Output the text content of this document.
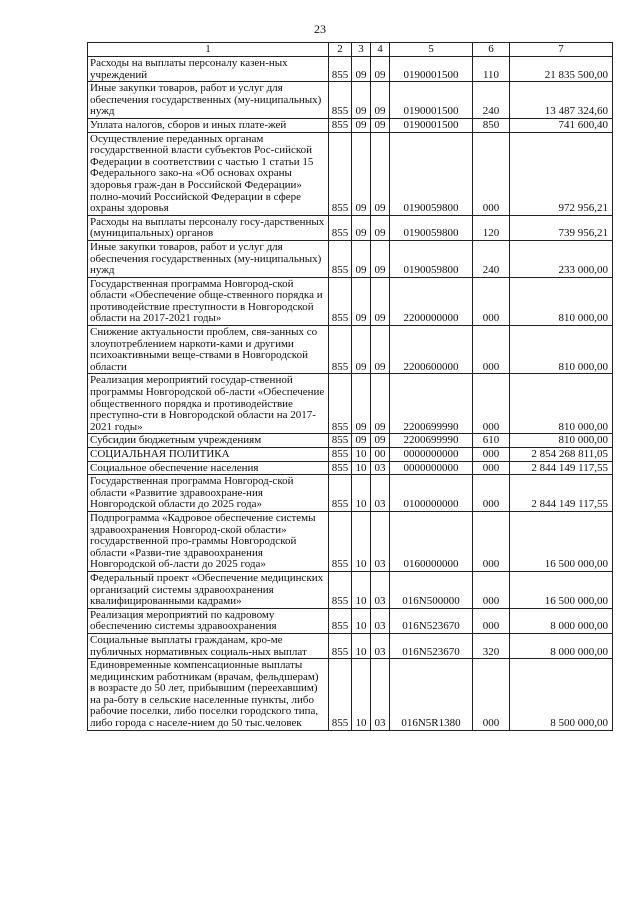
23
1	2	3	4	5	6	7
Расходы на выплаты персоналу казен-ных учреждений	855	09	09	0190001500	110	21 835 500,00
Иные закупки товаров, работ и услуг для обеспечения государственных (му-ниципальных) нужд	855	09	09	0190001500	240	13 487 324,60
Уплата налогов, сборов и иных плате-жей	855	09	09	0190001500	850	741 600,40
Осуществление переданных органам государственной власти субъектов Рос-сийской Федерации в соответствии с частью 1 статьи 15 Федерального зако-на «Об основах охраны здоровья граж-дан в Российской Федерации» полно-мочий Российской Федерации в сфере охраны здоровья	855	09	09	0190059800	000	972 956,21
Расходы на выплаты персоналу госу-дарственных (муниципальных) органов	855	09	09	0190059800	120	739 956,21
Иные закупки товаров, работ и услуг для обеспечения государственных (му-ниципальных) нужд	855	09	09	0190059800	240	233 000,00
Государственная программа Новгород-ской области «Обеспечение обще-ственного порядка и противодействие преступности в Новгородской области на 2017-2021 годы»	855	09	09	2200000000	000	810 000,00
Снижение актуальности проблем, свя-занных со злоупотреблением наркоти-ками и другими психоактивными веще-ствами в Новгородской области	855	09	09	2200600000	000	810 000,00
Реализация мероприятий государ-ственной программы Новгородской об-ласти «Обеспечение общественного порядка и противодействие преступно-сти в Новгородской области на 2017-2021 годы»	855	09	09	2200699990	000	810 000,00
Субсидии бюджетным учреждениям	855	09	09	2200699990	610	810 000,00
СОЦИАЛЬНАЯ ПОЛИТИКА	855	10	00	0000000000	000	2 854 268 811,05
Социальное обеспечение населения	855	10	03	0000000000	000	2 844 149 117,55
Государственная программа Новгород-ской области «Развитие здравоохране-ния Новгородской области до 2025 года»	855	10	03	0100000000	000	2 844 149 117,55
Подпрограмма «Кадровое обеспечение системы здравоохранения Новгород-ской области» государственной про-граммы Новгородской области «Разви-тие здравоохранения Новгородской об-ласти до 2025 года»	855	10	03	0160000000	000	16 500 000,00
Федеральный проект «Обеспечение медицинских организаций системы здравоохранения квалифицированными кадрами»	855	10	03	016N500000	000	16 500 000,00
Реализация мероприятий по кадровому обеспечению системы здравоохранения	855	10	03	016N523670	000	8 000 000,00
Социальные выплаты гражданам, кро-ме публичных нормативных социаль-ных выплат	855	10	03	016N523670	320	8 000 000,00
Единовременные компенсационные выплаты медицинским работникам (врачам, фельдшерам) в возрасте до 50 лет, прибывшим (переехавшим) на ра-боту в сельские населенные пункты, либо рабочие поселки, либо поселки городского типа, либо города с населе-нием до 50 тыс.человек	855	10	03	016N5R1380	000	8 500 000,00
